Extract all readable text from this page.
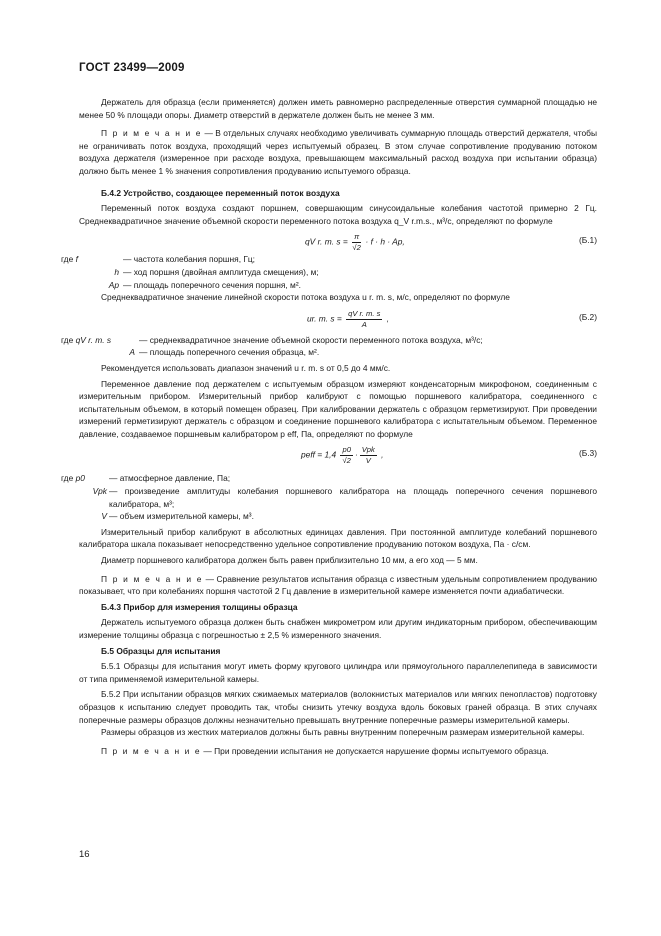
ГОСТ 23499—2009

Держатель для образца (если применяется) должен иметь равномерно распределенные отверстия суммарной площадью не менее 50 % площади опоры. Диаметр отверстий в держателе должен быть не менее 3 мм.

П р и м е ч а н и е — В отдельных случаях необходимо увеличивать суммарную площадь отверстий держателя, чтобы не ограничивать поток воздуха, проходящий через испытуемый образец. В этом случае сопротивление продуванию потоком воздуха держателя (измеренное при расходе воздуха, превышающем максимальный расход воздуха при испытании образца) должно быть менее 1 % значения сопротивления продуванию испытуемого образца.

Б.4.2 Устройство, создающее переменный поток воздуха

Переменный поток воздуха создают поршнем, совершающим синусоидальные колебания частотой примерно 2 Гц. Среднеквадратичное значение объемной скорости переменного потока воздуха q_V r.m.s., м³/с, определяют по формуле

qV r. m. $s = \frac{\pi}{√2} \cdot f \cdot h \cdot Ap$,	(Б.1)
где f	— частота колебания поршня, Гц;
h — ход поршня (двойная амплитуда смещения), м;
Ap — площадь поперечного сечения поршня, м².

Среднеквадратичное значение линейной скорости потока воздуха u r. m. s, м/с, определяют по формуле

ur. m. $s = \frac{\text{qV r. m. s}}{A}$ ,	(Б.2)
где qV r. m. s	— среднеквадратичное значение объемной скорости переменного потока воздуха, м³/с;
A — площадь поперечного сечения образца, м².

Рекомендуется использовать диапазон значений u r. m. s от 0,5 до 4 мм/с.

Переменное давление под держателем с испытуемым образцом измеряют конденсаторным микрофоном, соединенным с измерительным прибором. Измерительный прибор калибруют с помощью поршневого калибратора, соединенного с испытательным объемом, в который помещен образец. При калибровании держатель с образцом герметизируют. При проведении измерений герметизируют держатель с образцом и соединение поршневого калибратора с испытательным объемом. Переменное давление, создаваемое поршневым калибратором p eff, Па, определяют по формуле

peff = $1,4 \frac{p0}{√2} \cdot \frac{\text{Vpk}}{V}$ ,	(Б.3)
где p0	— атмосферное давление, Па;
Vpk — произведение амплитуды колебания поршневого калибратора на площадь поперечного сечения поршневого калибратора, м³;
V — объем измерительной камеры, м³.

Измерительный прибор калибруют в абсолютных единицах давления. При постоянной амплитуде колебаний поршневого калибратора шкала показывает непосредственно удельное сопротивление продуванию потоком воздуха, Па · с/см.

Диаметр поршневого калибратора должен быть равен приблизительно 10 мм, а его ход — 5 мм.

П р и м е ч а н и е — Сравнение результатов испытания образца с известным удельным сопротивлением продуванию показывает, что при колебаниях поршня частотой 2 Гц давление в измерительной камере изменяется почти адиабатически.

Б.4.3 Прибор для измерения толщины образца

Держатель испытуемого образца должен быть снабжен микрометром или другим индикаторным прибором, обеспечивающим измерение толщины образца с погрешностью ± 2,5 % измеренного значения.

Б.5 Образцы для испытания

Б.5.1 Образцы для испытания могут иметь форму кругового цилиндра или прямоугольного параллелепипеда в зависимости от типа применяемой измерительной камеры.

Б.5.2 При испытании образцов мягких сжимаемых материалов (волокнистых материалов или мягких пенопластов) подготовку образцов к испытанию следует проводить так, чтобы снизить утечку воздуха вдоль боковых граней образца. В этих случаях поперечные размеры образцов должны незначительно превышать внутренние поперечные размеры измерительной камеры.

Размеры образцов из жестких материалов должны быть равны внутренним поперечным размерам измерительной камеры.

П р и м е ч а н и е — При проведении испытания не допускается нарушение формы испытуемого образца.

16
